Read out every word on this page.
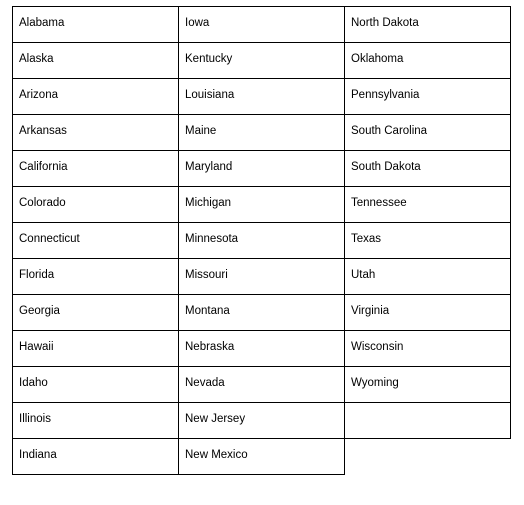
Alabama	Iowa	North Dakota
Alaska	Kentucky	Oklahoma
Arizona	Louisiana	Pennsylvania
Arkansas	Maine	South Carolina
California	Maryland	South Dakota
Colorado	Michigan	Tennessee
Connecticut	Minnesota	Texas
Florida	Missouri	Utah
Georgia	Montana	Virginia
Hawaii	Nebraska	Wisconsin
Idaho	Nevada	Wyoming
Illinois	New Jersey	
Indiana	New Mexico	
